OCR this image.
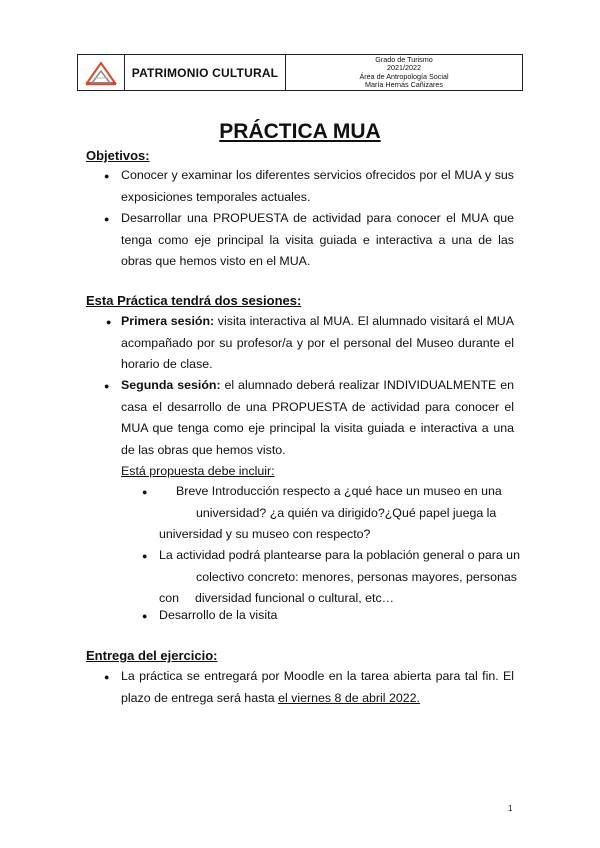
PATRIMONIO CULTURAL
Grado de Turismo
2021/2022
Área de Antropología Social
María Hernás Cañizares
PRÁCTICA MUA
Objetivos:
● Conocer y examinar los diferentes servicios ofrecidos por el MUA y sus exposiciones temporales actuales.
● Desarrollar una PROPUESTA de actividad para conocer el MUA que tenga como eje principal la visita guiada e interactiva a una de las obras que hemos visto en el MUA.
Esta Práctica tendrá dos sesiones:
● Primera sesión: visita interactiva al MUA. El alumnado visitará el MUA acompañado por su profesor/a y por el personal del Museo durante el horario de clase.
● Segunda sesión: el alumnado deberá realizar INDIVIDUALMENTE en casa el desarrollo de una PROPUESTA de actividad para conocer el MUA que tenga como eje principal la visita guiada e interactiva a una de las obras que hemos visto.
Está propuesta debe incluir:
●	Breve Introducción respecto a ¿qué hace un museo en una
universidad? ¿a quién va dirigido?¿Qué papel juega la
universidad y su museo con respecto?
● La actividad podrá plantearse para la población general o para un
colectivo concreto: menores, personas mayores, personas
con diversidad funcional o cultural, etc…
● Desarrollo de la visita
Entrega del ejercicio:
● La práctica se entregará por Moodle en la tarea abierta para tal fin. El plazo de entrega será hasta el viernes 8 de abril 2022.
1
